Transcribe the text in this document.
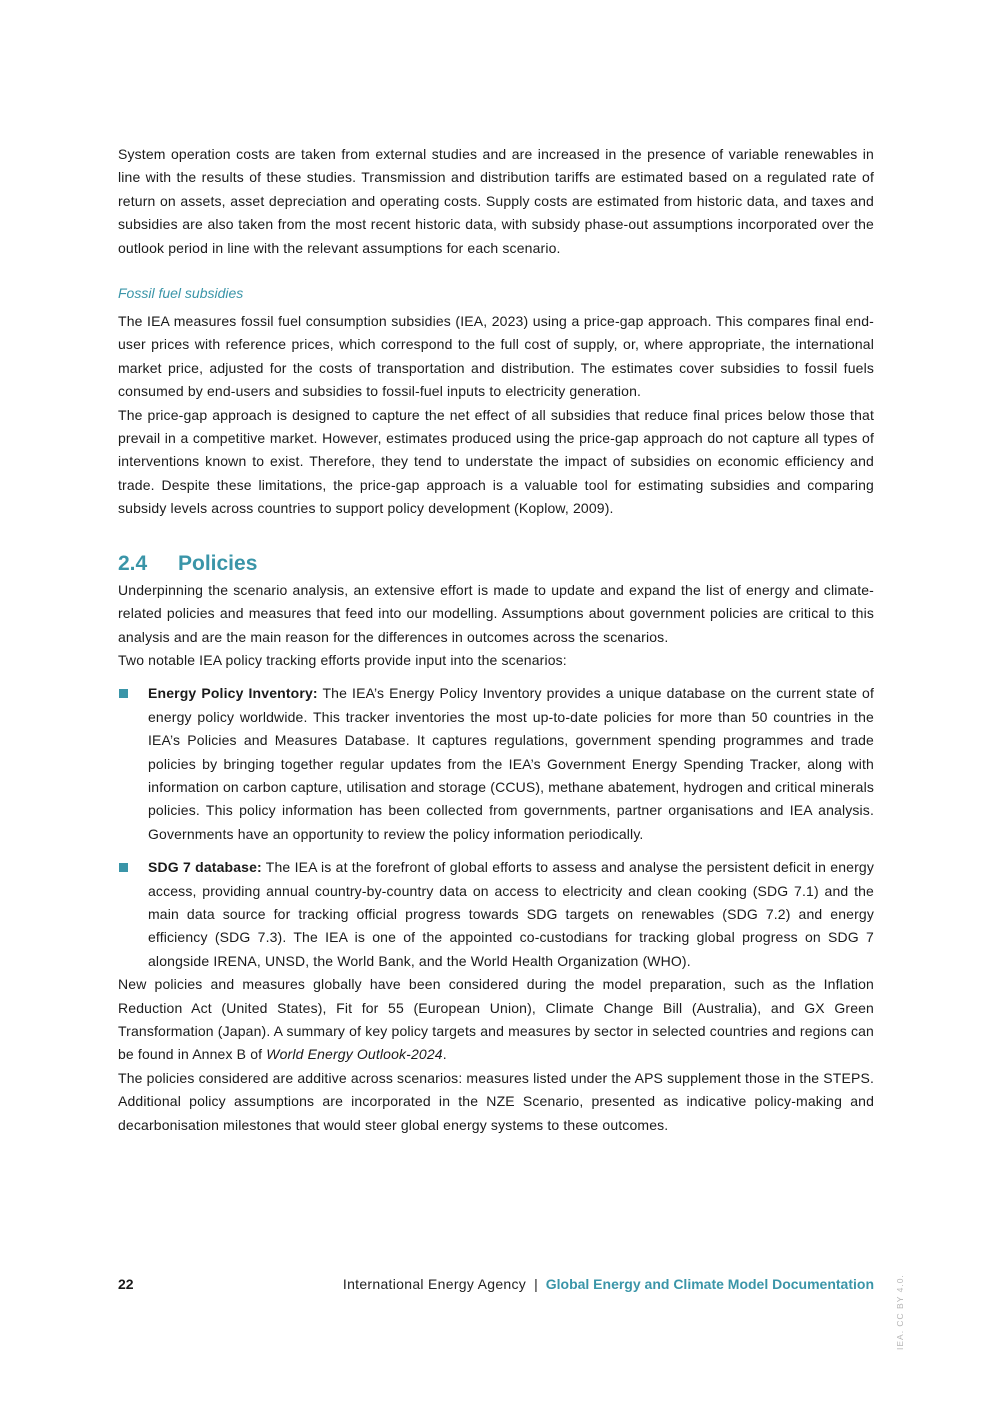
System operation costs are taken from external studies and are increased in the presence of variable renewables in line with the results of these studies. Transmission and distribution tariffs are estimated based on a regulated rate of return on assets, asset depreciation and operating costs. Supply costs are estimated from historic data, and taxes and subsidies are also taken from the most recent historic data, with subsidy phase-out assumptions incorporated over the outlook period in line with the relevant assumptions for each scenario.

Fossil fuel subsidies

The IEA measures fossil fuel consumption subsidies (IEA, 2023) using a price-gap approach. This compares final end-user prices with reference prices, which correspond to the full cost of supply, or, where appropriate, the international market price, adjusted for the costs of transportation and distribution. The estimates cover subsidies to fossil fuels consumed by end-users and subsidies to fossil-fuel inputs to electricity generation.

The price-gap approach is designed to capture the net effect of all subsidies that reduce final prices below those that prevail in a competitive market. However, estimates produced using the price-gap approach do not capture all types of interventions known to exist. Therefore, they tend to understate the impact of subsidies on economic efficiency and trade. Despite these limitations, the price-gap approach is a valuable tool for estimating subsidies and comparing subsidy levels across countries to support policy development (Koplow, 2009).

2.4	Policies

Underpinning the scenario analysis, an extensive effort is made to update and expand the list of energy and climate-related policies and measures that feed into our modelling. Assumptions about government policies are critical to this analysis and are the main reason for the differences in outcomes across the scenarios.

Two notable IEA policy tracking efforts provide input into the scenarios:

Energy Policy Inventory: The IEA’s Energy Policy Inventory provides a unique database on the current state of energy policy worldwide. This tracker inventories the most up-to-date policies for more than 50 countries in the IEA’s Policies and Measures Database. It captures regulations, government spending programmes and trade policies by bringing together regular updates from the IEA’s Government Energy Spending Tracker, along with information on carbon capture, utilisation and storage (CCUS), methane abatement, hydrogen and critical minerals policies. This policy information has been collected from governments, partner organisations and IEA analysis. Governments have an opportunity to review the policy information periodically.
SDG 7 database: The IEA is at the forefront of global efforts to assess and analyse the persistent deficit in energy access, providing annual country-by-country data on access to electricity and clean cooking (SDG 7.1) and the main data source for tracking official progress towards SDG targets on renewables (SDG 7.2) and energy efficiency (SDG 7.3). The IEA is one of the appointed co-custodians for tracking global progress on SDG 7 alongside IRENA, UNSD, the World Bank, and the World Health Organization (WHO).

New policies and measures globally have been considered during the model preparation, such as the Inflation Reduction Act (United States), Fit for 55 (European Union), Climate Change Bill (Australia), and GX Green Transformation (Japan). A summary of key policy targets and measures by sector in selected countries and regions can be found in Annex B of World Energy Outlook-2024.

The policies considered are additive across scenarios: measures listed under the APS supplement those in the STEPS. Additional policy assumptions are incorporated in the NZE Scenario, presented as indicative policy-making and decarbonisation milestones that would steer global energy systems to these outcomes.

22	International Energy Agency | Global Energy and Climate Model Documentation IEA. CC BY 4.0.
